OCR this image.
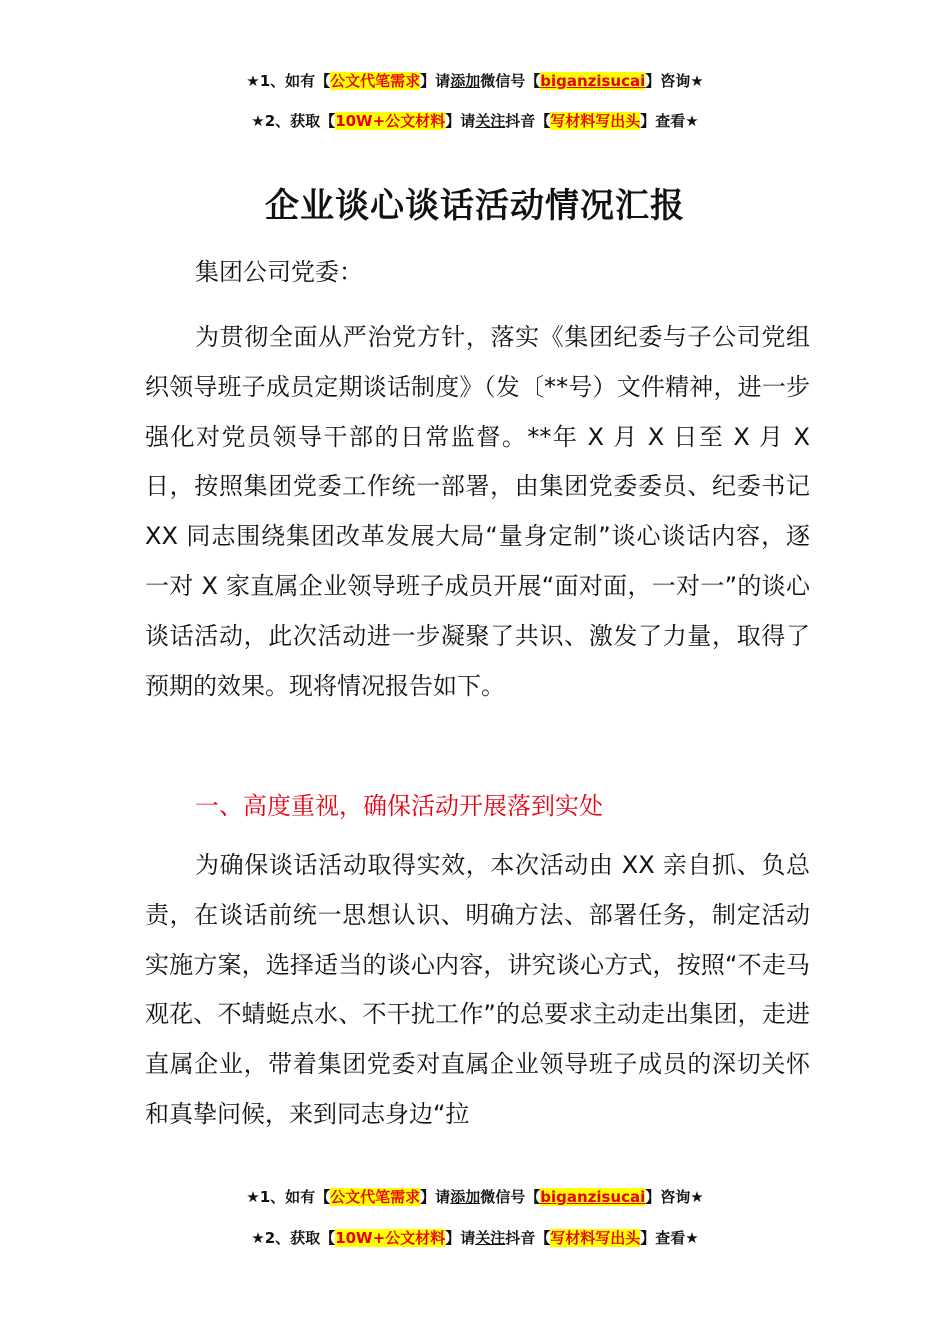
★1、如有【公文代笔需求】请添加微信号【biganzisucai】咨询★
★2、获取【10W+公文材料】请关注抖音【写材料写出头】查看★
企业谈心谈话活动情况汇报
集团公司党委：

为贯彻全面从严治党方针，落实《集团纪委与子公司党组织领导班子成员定期谈话制度》（发〔**号）文件精神，进一步强化对党员领导干部的日常监督。**年 X 月 X 日至 X 月 X 日，按照集团党委工作统一部署，由集团党委委员、纪委书记 XX 同志围绕集团改革发展大局“量身定制”谈心谈话内容，逐一对 X 家直属企业领导班子成员开展“面对面，一对一”的谈心谈话活动，此次活动进一步凝聚了共识、激发了力量，取得了预期的效果。现将情况报告如下。

一、高度重视，确保活动开展落到实处

为确保谈话活动取得实效，本次活动由 XX 亲自抓、负总责，在谈话前统一思想认识、明确方法、部署任务，制定活动实施方案，选择适当的谈心内容，讲究谈心方式，按照“不走马观花、不蜻蜓点水、不干扰工作”的总要求主动走出集团，走进直属企业，带着集团党委对直属企业领导班子成员的深切关怀和真挚问候，来到同志身边“拉

★1、如有【公文代笔需求】请添加微信号【biganzisucai】咨询★
★2、获取【10W+公文材料】请关注抖音【写材料写出头】查看★
